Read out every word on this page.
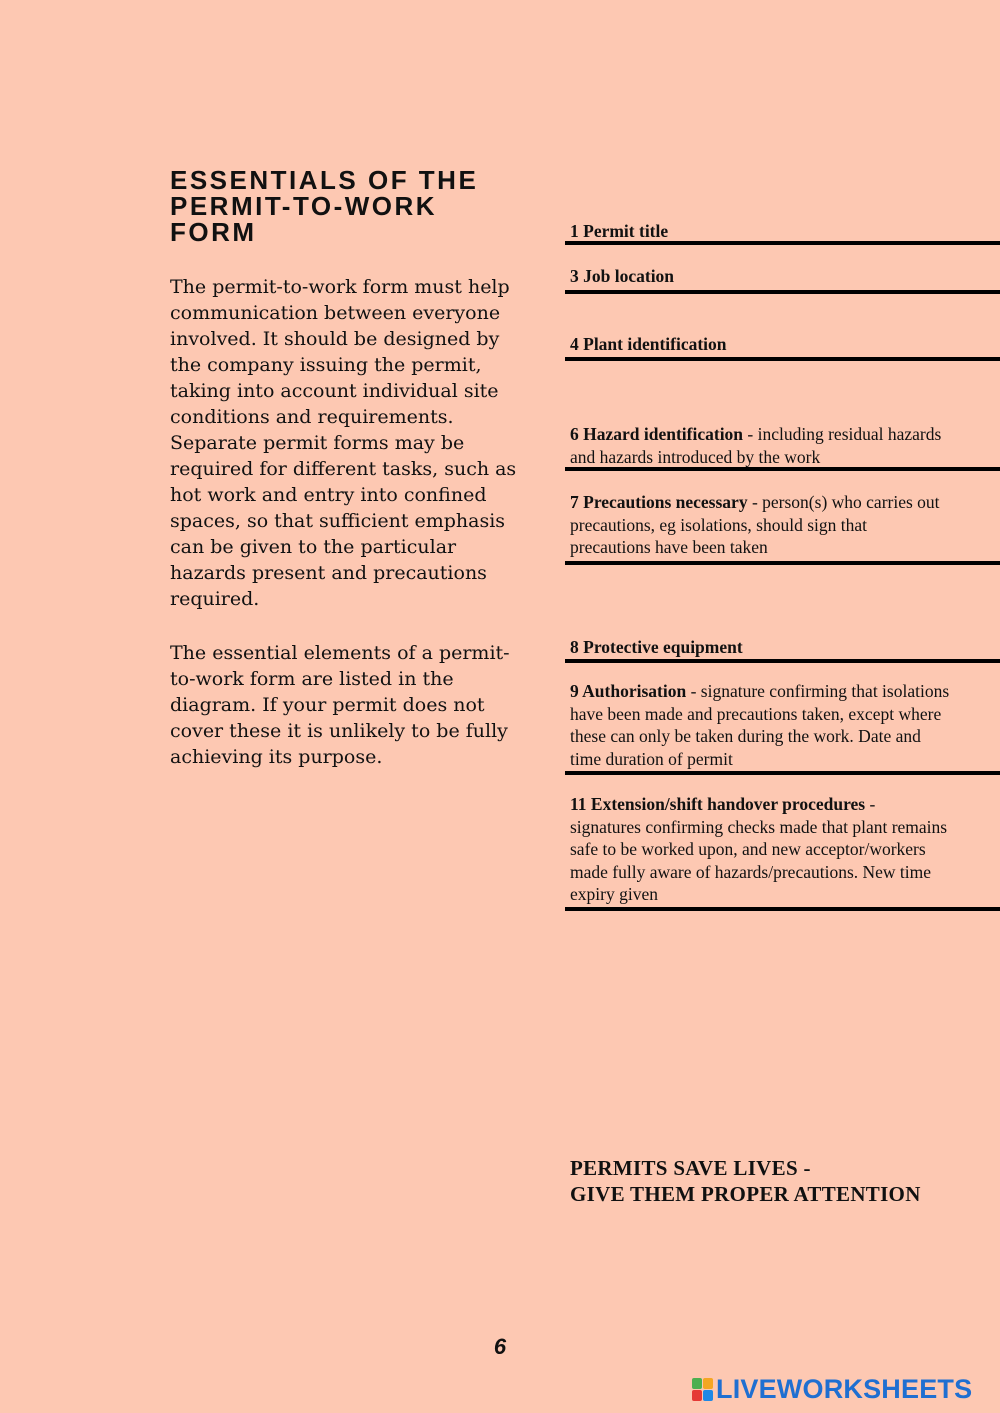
ESSENTIALS OF THE
PERMIT-TO-WORK
FORM

The permit-to-work form must help communication between everyone involved. It should be designed by the company issuing the permit, taking into account individual site conditions and requirements. Separate permit forms may be required for different tasks, such as hot work and entry into confined spaces, so that sufficient emphasis can be given to the particular hazards present and precautions required.

The essential elements of a permit-to-work form are listed in the diagram. If your permit does not cover these it is unlikely to be fully achieving its purpose.

1 Permit title
3 Job location
4 Plant identification
6 Hazard identification - including residual hazards and hazards introduced by the work
7 Precautions necessary - person(s) who carries out precautions, eg isolations, should sign that precautions have been taken
8 Protective equipment
9 Authorisation - signature confirming that isolations have been made and precautions taken, except where these can only be taken during the work. Date and time duration of permit
11 Extension/shift handover procedures - signatures confirming checks made that plant remains safe to be worked upon, and new acceptor/workers made fully aware of hazards/precautions. New time expiry given
PERMITS SAVE LIVES -
GIVE THEM PROPER ATTENTION
6
LIVEWORKSHEETS
